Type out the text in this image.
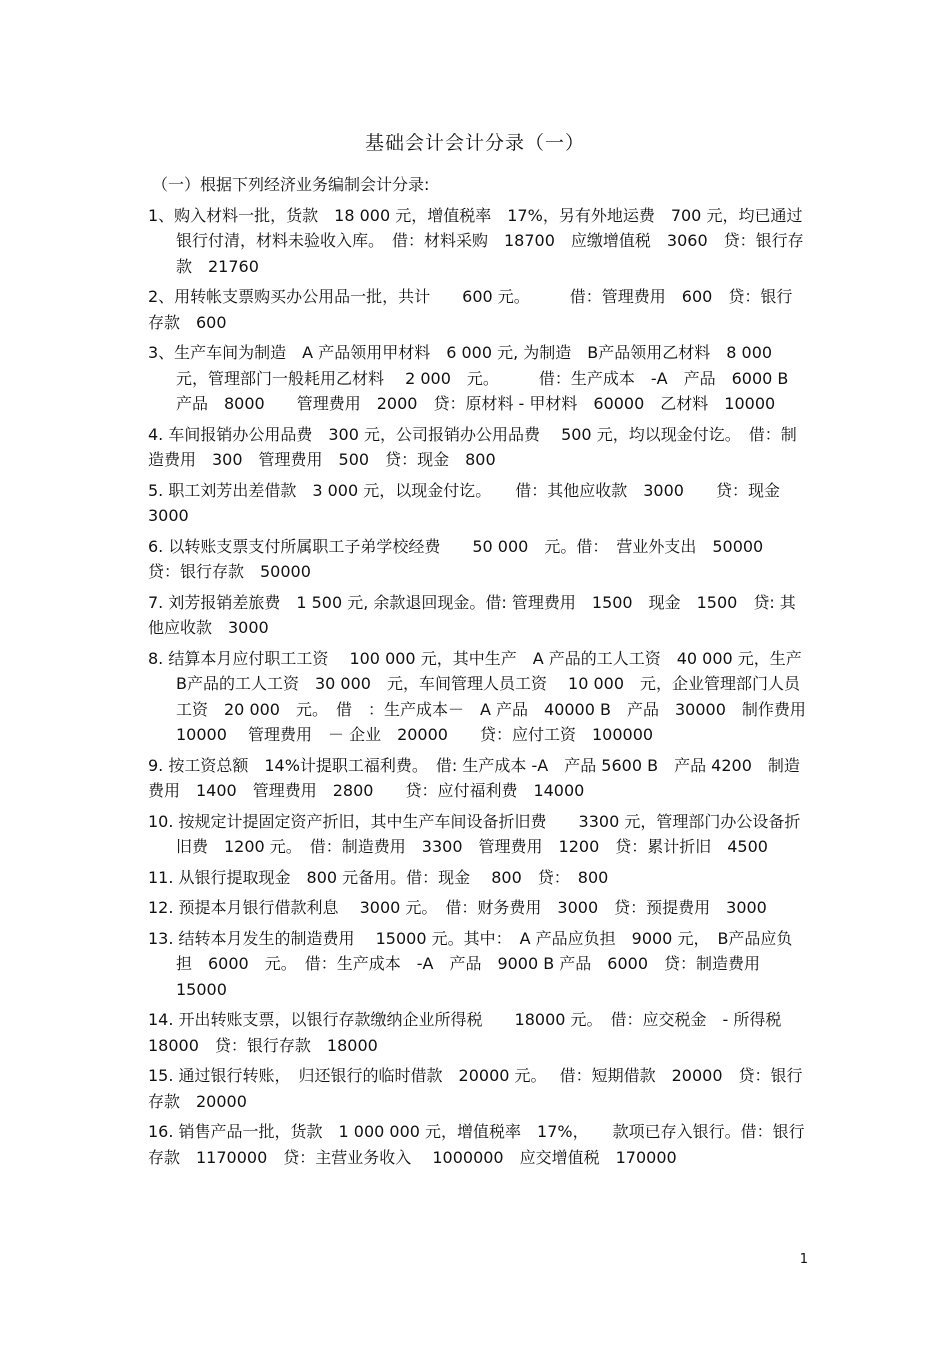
基础会计会计分录（一）
（一）根据下列经济业务编制会计分录:
1、购入材料一批，货款　18 000 元，增值税率　17%，另有外地运费　700 元，均已通过银行付清，材料未验收入库。　借：材料采购　18700　应缴增值税　3060　贷：银行存款　21760
2、用转帐支票购买办公用品一批，共计　　600 元。　　　借：管理费用　600　贷：银行存款　600
3、生产车间为制造　A 产品领用甲材料　6 000 元, 为制造　B产品领用乙材料　8 000 元，管理部门一般耗用乙材料　 2 000　元。　　　借：生产成本　-A　产品　6000 B 产品　8000　　管理费用　2000　贷：原材料 - 甲材料　60000　乙材料　10000
4. 车间报销办公用品费　300 元，公司报销办公用品费　 500 元，均以现金付讫。　借：制造费用　300　管理费用　500　贷：现金　800
5. 职工刘芳出差借款　3 000 元，以现金付讫。　　借：其他应收款　3000　　贷：现金 3000
6. 以转账支票支付所属职工子弟学校经费　　50 000　元。借：　营业外支出　50000　贷：银行存款　50000
7. 刘芳报销差旅费　1 500 元, 余款退回现金。借: 管理费用　1500　现金　1500　贷: 其他应收款　3000
8. 结算本月应付职工工资　 100 000 元，其中生产　A 产品的工人工资　40 000 元，生产　B产品的工人工资　30 000　元，车间管理人员工资　 10 000　元，企业管理部门人员工资　20 000　元。　借　：生产成本－　A 产品　40000 B　产品　30000　制作费用　10000　 管理费用　－ 企业　20000　　贷：应付工资　100000
9. 按工资总额　14%计提职工福利费。　借: 生产成本 -A　产品 5600 B　产品 4200　制造费用　1400　管理费用　2800　　贷：应付福利费　14000
10. 按规定计提固定资产折旧，其中生产车间设备折旧费　　3300 元，管理部门办公设备折旧费　1200 元。　借：制造费用　3300　管理费用　1200　贷：累计折旧　4500
11. 从银行提取现金　800 元备用。借：现金　 800　贷：　800
12. 预提本月银行借款利息　 3000 元。　借：财务费用　3000　贷：预提费用　3000
13. 结转本月发生的制造费用　 15000 元。其中：　A 产品应负担　9000 元，　B产品应负担　6000　元。　借：生产成本　-A　产品　9000 B 产品　6000　贷：制造费用　15000
14. 开出转账支票，以银行存款缴纳企业所得税　　18000 元。　借：应交税金　- 所得税　18000　贷：银行存款　18000
15. 通过银行转账，　归还银行的临时借款　20000 元。　 借：短期借款　20000　贷：银行存款　20000
16. 销售产品一批，货款　1 000 000 元，增值税率　17%，　　款项已存入银行。借：银行存款　1170000　贷：主营业务收入　 1000000　应交增值税　170000
1
